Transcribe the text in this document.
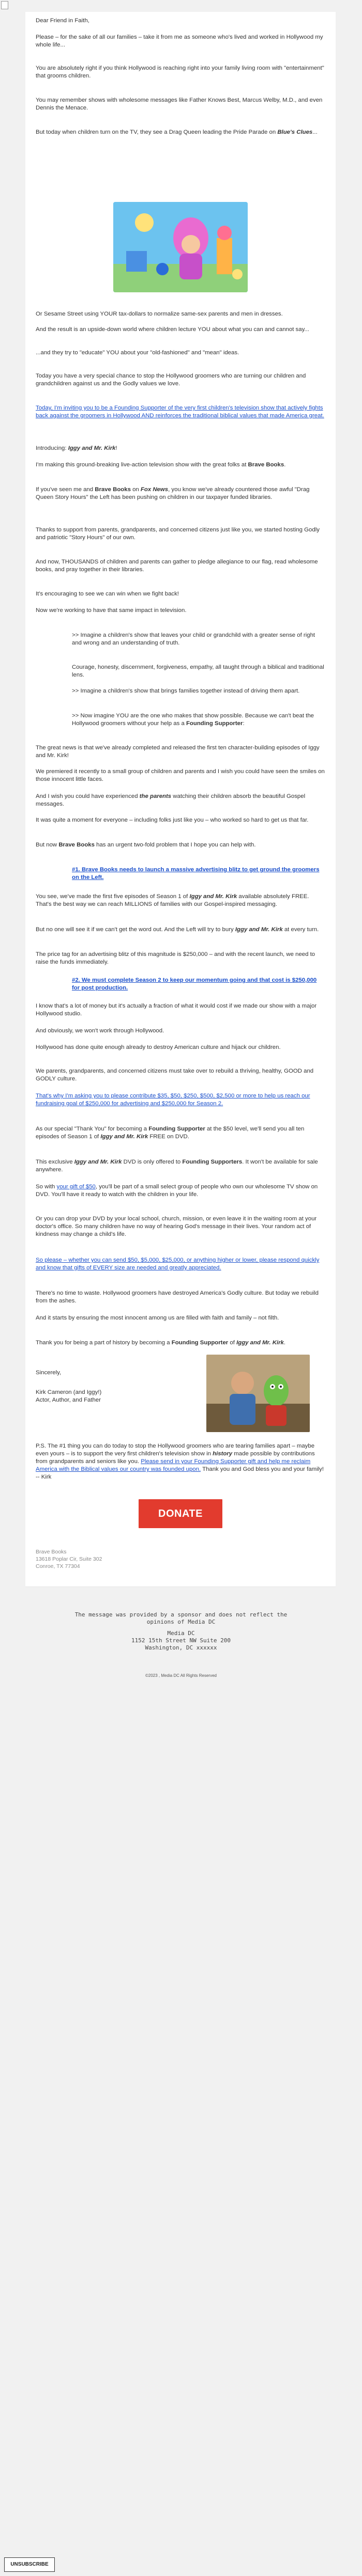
Dear Friend in Faith,
Please – for the sake of all our families – take it from me as someone who's lived and worked in Hollywood my whole life...
You are absolutely right if you think Hollywood is reaching right into your family living room with "entertainment" that grooms children.
You may remember shows with wholesome messages like Father Knows Best, Marcus Welby, M.D., and even Dennis the Menace.
But today when children turn on the TV, they see a Drag Queen leading the Pride Parade on Blue's Clues...
Or Sesame Street using YOUR tax-dollars to normalize same-sex parents and men in dresses.
And the result is an upside-down world where children lecture YOU about what you can and cannot say...
...and they try to "educate" YOU about your "old-fashioned" and "mean" ideas.
Today you have a very special chance to stop the Hollywood groomers who are turning our children and grandchildren against us and the Godly values we love.
Today, I'm inviting you to be a Founding Supporter of the very first children's television show that actively fights back against the groomers in Hollywood AND reinforces the traditional biblical values that made America great.
Introducing: Iggy and Mr. Kirk!
I'm making this ground-breaking live-action television show with the great folks at Brave Books.
If you've seen me and Brave Books on Fox News, you know we've already countered those awful "Drag Queen Story Hours" the Left has been pushing on children in our taxpayer funded libraries.
Thanks to support from parents, grandparents, and concerned citizens just like you, we started hosting Godly and patriotic "Story Hours" of our own.
And now, THOUSANDS of children and parents can gather to pledge allegiance to our flag, read wholesome books, and pray together in their libraries.
It's encouraging to see we can win when we fight back!
Now we're working to have that same impact in television.
>> Imagine a children's show that leaves your child or grandchild with a greater sense of right and wrong and an understanding of truth.
Courage, honesty, discernment, forgiveness, empathy, all taught through a biblical and traditional lens.
>> Imagine a children's show that brings families together instead of driving them apart.
>> Now imagine YOU are the one who makes that show possible. Because we can't beat the Hollywood groomers without your help as a Founding Supporter:
The great news is that we've already completed and released the first ten character-building episodes of Iggy and Mr. Kirk!
We premiered it recently to a small group of children and parents and I wish you could have seen the smiles on those innocent little faces.
And I wish you could have experienced the parents watching their children absorb the beautiful Gospel messages.
It was quite a moment for everyone – including folks just like you – who worked so hard to get us that far.
But now Brave Books has an urgent two-fold problem that I hope you can help with.
#1. Brave Books needs to launch a massive advertising blitz to get ground the groomers on the Left.
You see, we've made the first five episodes of Season 1 of Iggy and Mr. Kirk available absolutely FREE. That's the best way we can reach MILLIONS of families with our Gospel-inspired messaging.
But no one will see it if we can't get the word out. And the Left will try to bury Iggy and Mr. Kirk at every turn.
The price tag for an advertising blitz of this magnitude is $250,000 – and with the recent launch, we need to raise the funds immediately.
#2. We must complete Season 2 to keep our momentum going and that cost is $250,000 for post production.
I know that's a lot of money but it's actually a fraction of what it would cost if we made our show with a major Hollywood studio.
And obviously, we won't work through Hollywood.
Hollywood has done quite enough already to destroy American culture and hijack our children.
We parents, grandparents, and concerned citizens must take over to rebuild a thriving, healthy, GOOD and GODLY culture.
That's why I'm asking you to please contribute $35, $50, $250, $500, $2,500 or more to help us reach our fundraising goal of $250,000 for advertising and $250,000 for Season 2.
As our special "Thank You" for becoming a Founding Supporter at the $50 level, we'll send you all ten episodes of Season 1 of Iggy and Mr. Kirk FREE on DVD.
This exclusive Iggy and Mr. Kirk DVD is only offered to Founding Supporters. It won't be available for sale anywhere.
So with your gift of $50, you'll be part of a small select group of people who own our wholesome TV show on DVD. You'll have it ready to watch with the children in your life.
Or you can drop your DVD by your local school, church, mission, or even leave it in the waiting room at your doctor's office. So many children have no way of hearing God's message in their lives. Your random act of kindness may change a child's life.
So please – whether you can send $50, $5,000, $25,000, or anything higher or lower, please respond quickly and know that gifts of EVERY size are needed and greatly appreciated.
There's no time to waste. Hollywood groomers have destroyed America's Godly culture. But today we rebuild from the ashes.
And it starts by ensuring the most innocent among us are filled with faith and family – not filth.
Thank you for being a part of history by becoming a Founding Supporter of Iggy and Mr. Kirk.
Sincerely,
Kirk Cameron (and Iggy!)
Actor, Author, and Father
P.S. The #1 thing you can do today to stop the Hollywood groomers who are tearing families apart – maybe even yours – is to support the very first children's television show in history made possible by contributions from grandparents and seniors like you. Please send in your Founding Supporter gift and help me reclaim America with the Biblical values our country was founded upon. Thank you and God bless you and your family! -- Kirk
DONATE
Brave Books
13618 Poplar Cir, Suite 302
Conroe, TX 77304
The message was provided by a sponsor and does not reflect the
opinions of Media DC
Media DC
1152 15th Street NW Suite 200
Washington, DC xxxxxx
©2023 , Media DC All Rights Reserved
UNSUBSCRIBE
